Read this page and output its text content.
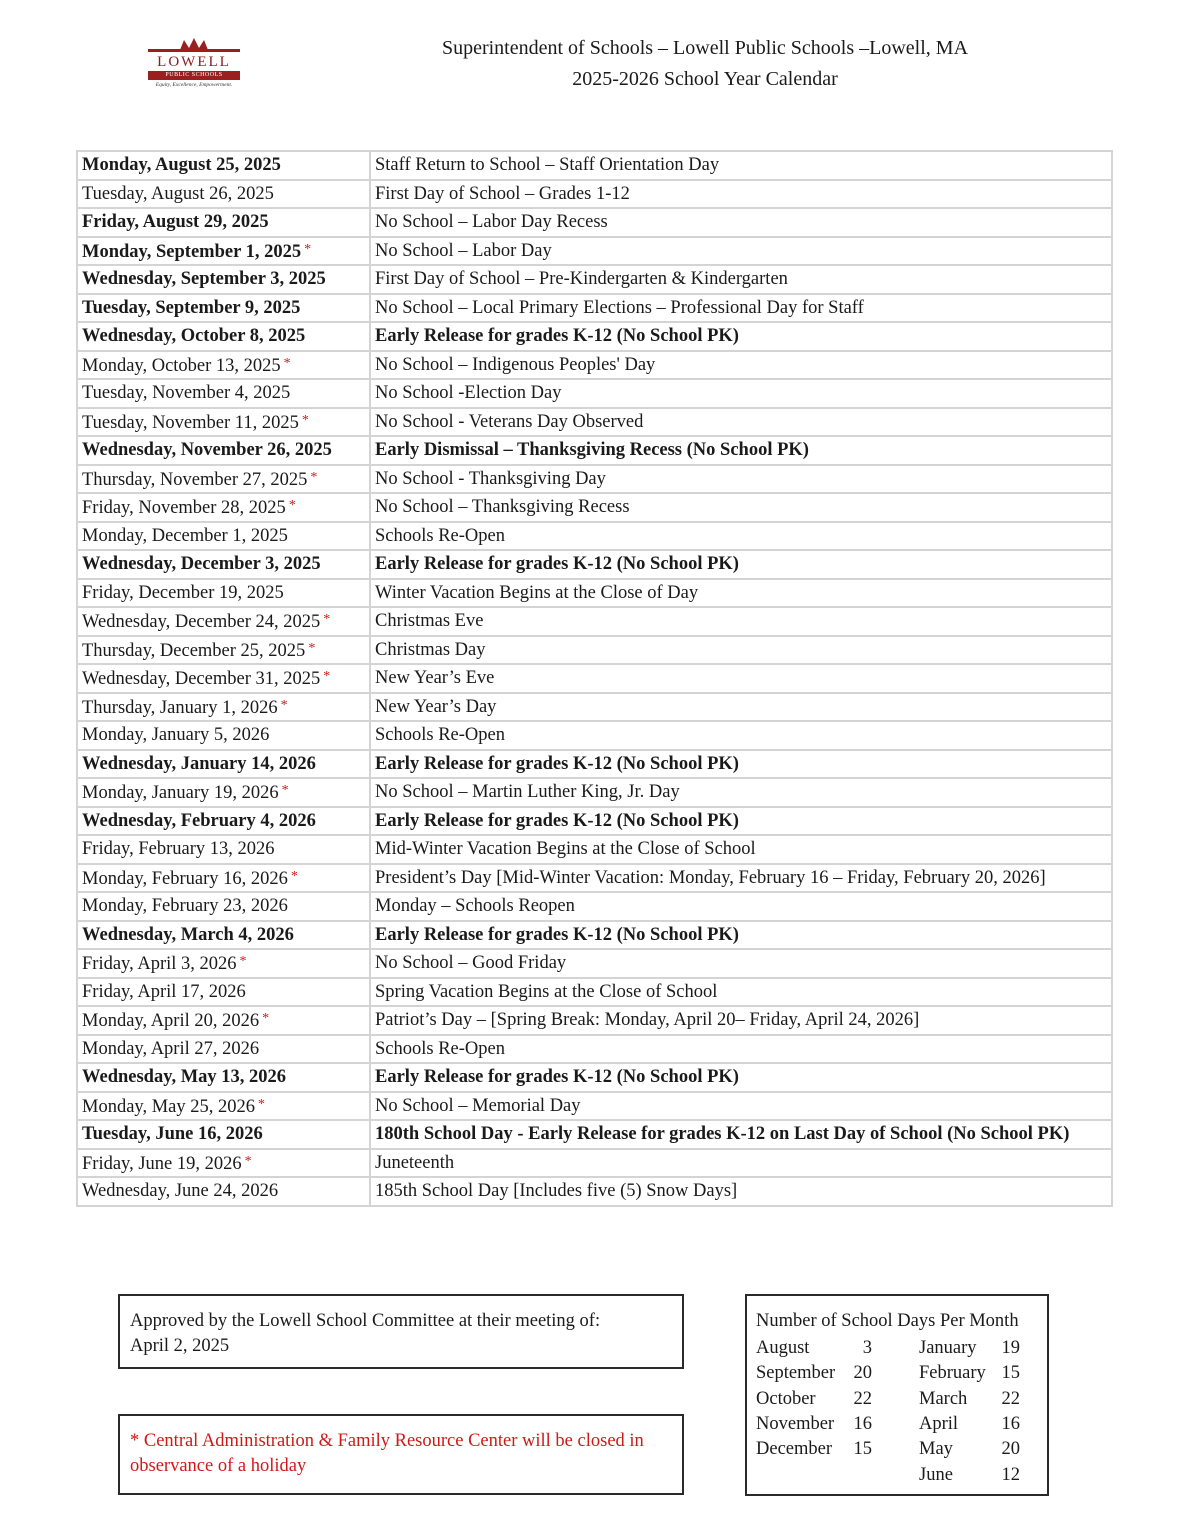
LOWELL
PUBLIC SCHOOLS
Equity, Excellence, Empowerment.
Superintendent of Schools – Lowell Public Schools –Lowell, MA
2025-2026 School Year Calendar
Monday, August 25, 2025	Staff Return to School – Staff Orientation Day
Tuesday, August 26, 2025	First Day of School – Grades 1-12
Friday, August 29, 2025	No School – Labor Day Recess
Monday, September 1, 2025 *	No School – Labor Day
Wednesday, September 3, 2025	First Day of School – Pre-Kindergarten & Kindergarten
Tuesday, September 9, 2025	No School – Local Primary Elections – Professional Day for Staff
Wednesday, October 8, 2025	Early Release for grades K-12 (No School PK)
Monday, October 13, 2025 *	No School – Indigenous Peoples' Day
Tuesday, November 4, 2025	No School -Election Day
Tuesday, November 11, 2025 *	No School - Veterans Day Observed
Wednesday, November 26, 2025	Early Dismissal – Thanksgiving Recess (No School PK)
Thursday, November 27, 2025 *	No School - Thanksgiving Day
Friday, November 28, 2025 *	No School – Thanksgiving Recess
Monday, December 1, 2025	Schools Re-Open
Wednesday, December 3, 2025	Early Release for grades K-12 (No School PK)
Friday, December 19, 2025	Winter Vacation Begins at the Close of Day
Wednesday, December 24, 2025 *	Christmas Eve
Thursday, December 25, 2025 *	Christmas Day
Wednesday, December 31, 2025 *	New Year’s Eve
Thursday, January 1, 2026 *	New Year’s Day
Monday, January 5, 2026	Schools Re-Open
Wednesday, January 14, 2026	Early Release for grades K-12 (No School PK)
Monday, January 19, 2026 *	No School – Martin Luther King, Jr. Day
Wednesday, February 4, 2026	Early Release for grades K-12 (No School PK)
Friday, February 13, 2026	Mid-Winter Vacation Begins at the Close of School
Monday, February 16, 2026 *	President’s Day [Mid-Winter Vacation: Monday, February 16 – Friday, February 20, 2026]
Monday, February 23, 2026	Monday – Schools Reopen
Wednesday, March 4, 2026	Early Release for grades K-12 (No School PK)
Friday, April 3, 2026 *	No School – Good Friday
Friday, April 17, 2026	Spring Vacation Begins at the Close of School
Monday, April 20, 2026 *	Patriot’s Day – [Spring Break: Monday, April 20– Friday, April 24, 2026]
Monday, April 27, 2026	Schools Re-Open
Wednesday, May 13, 2026	Early Release for grades K-12 (No School PK)
Monday, May 25, 2026 *	No School – Memorial Day
Tuesday, June 16, 2026	180th School Day - Early Release for grades K-12 on Last Day of School (No School PK)
Friday, June 19, 2026 *	Juneteenth
Wednesday, June 24, 2026	185th School Day [Includes five (5) Snow Days]
Approved by the Lowell School Committee at their meeting of:
April 2, 2025
* Central Administration & Family Resource Center will be closed in
observance of a holiday
Number of School Days Per Month
August	3
September 20
October	22
November	16
December	15
January	19
February 15
March	22
April	16
May	20
June	12
